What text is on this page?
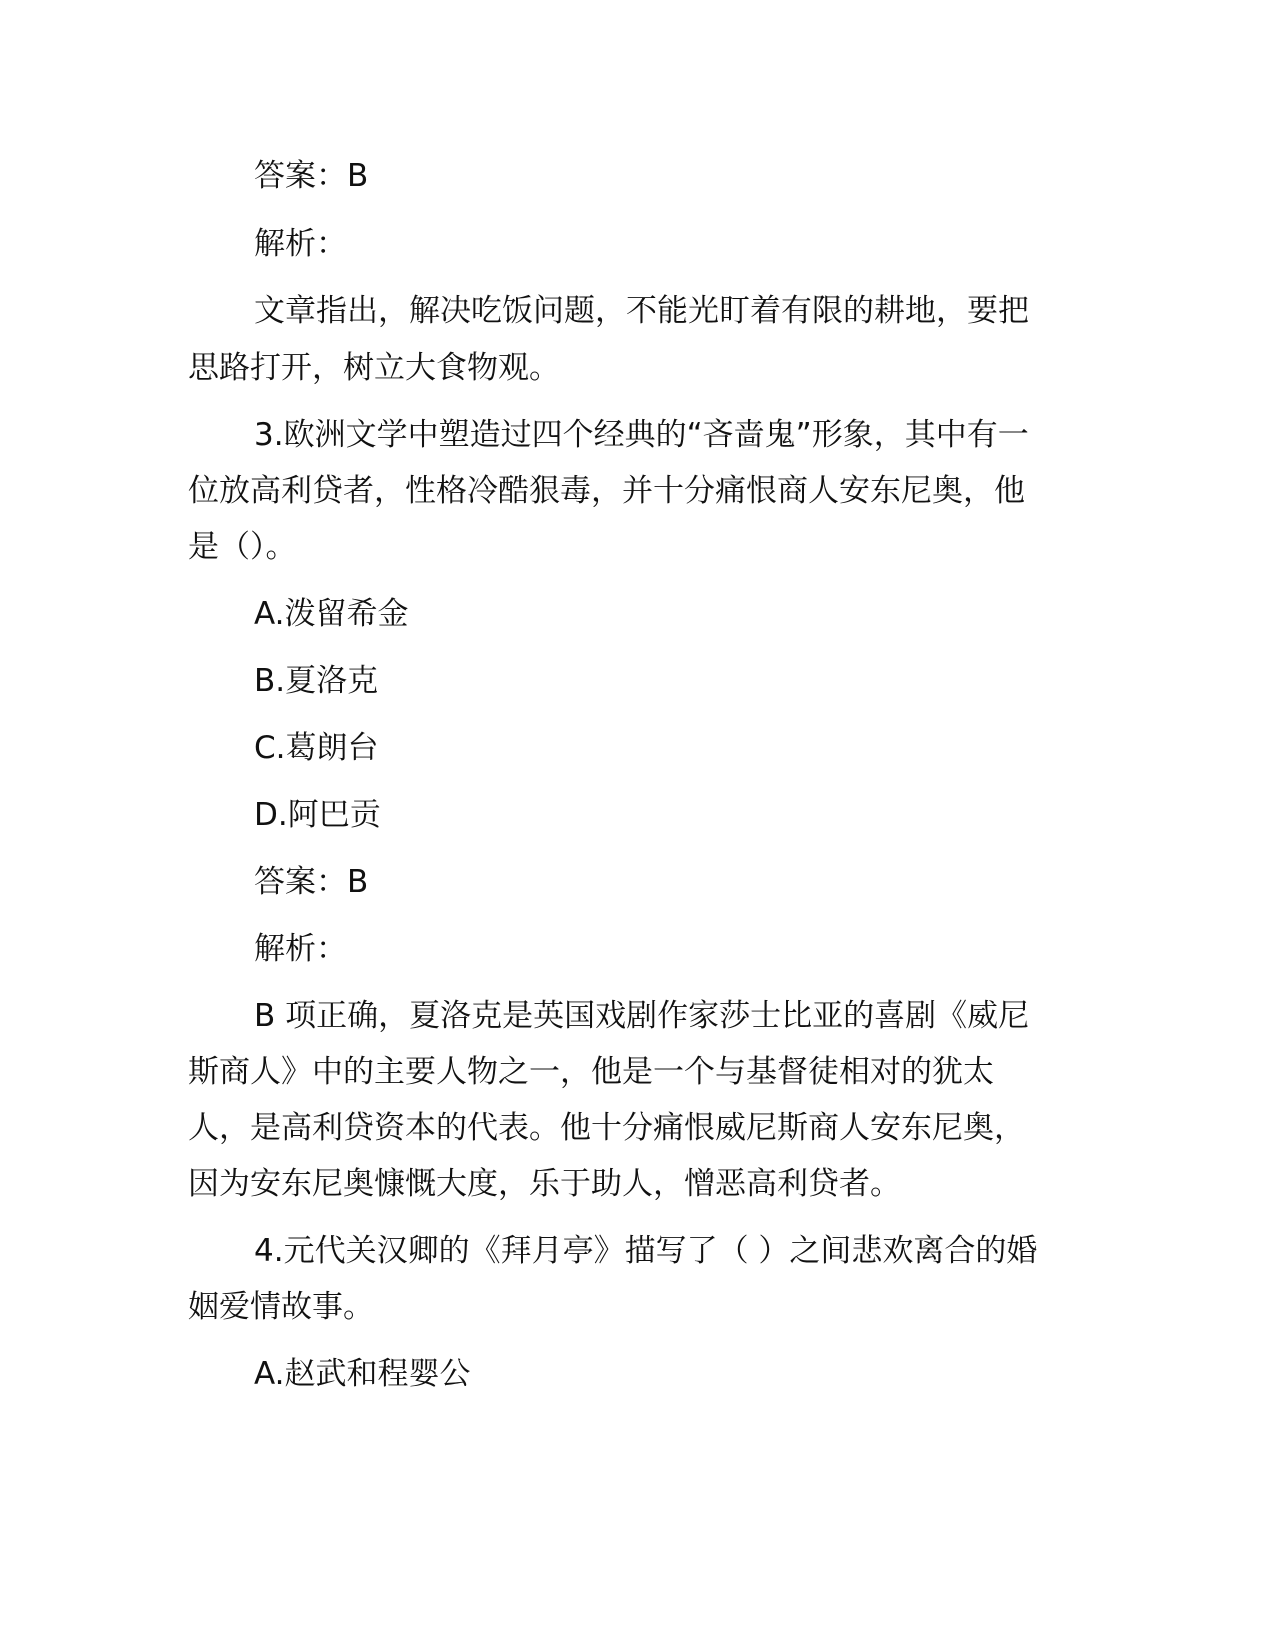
答案：B
解析：
文章指出，解决吃饭问题，不能光盯着有限的耕地，要把
思路打开，树立大食物观。
3.欧洲文学中塑造过四个经典的“吝啬鬼”形象，其中有一
位放高利贷者，性格冷酷狠毒，并十分痛恨商人安东尼奥，他
是（）。
A.泼留希金
B.夏洛克
C.葛朗台
D.阿巴贡
答案：B
解析：
B 项正确，夏洛克是英国戏剧作家莎士比亚的喜剧《威尼
斯商人》中的主要人物之一，他是一个与基督徒相对的犹太
人，是高利贷资本的代表。他十分痛恨威尼斯商人安东尼奥，
因为安东尼奥慷慨大度，乐于助人，憎恶高利贷者。
4.元代关汉卿的《拜月亭》描写了（ ）之间悲欢离合的婚
姻爱情故事。
A.赵武和程婴公
